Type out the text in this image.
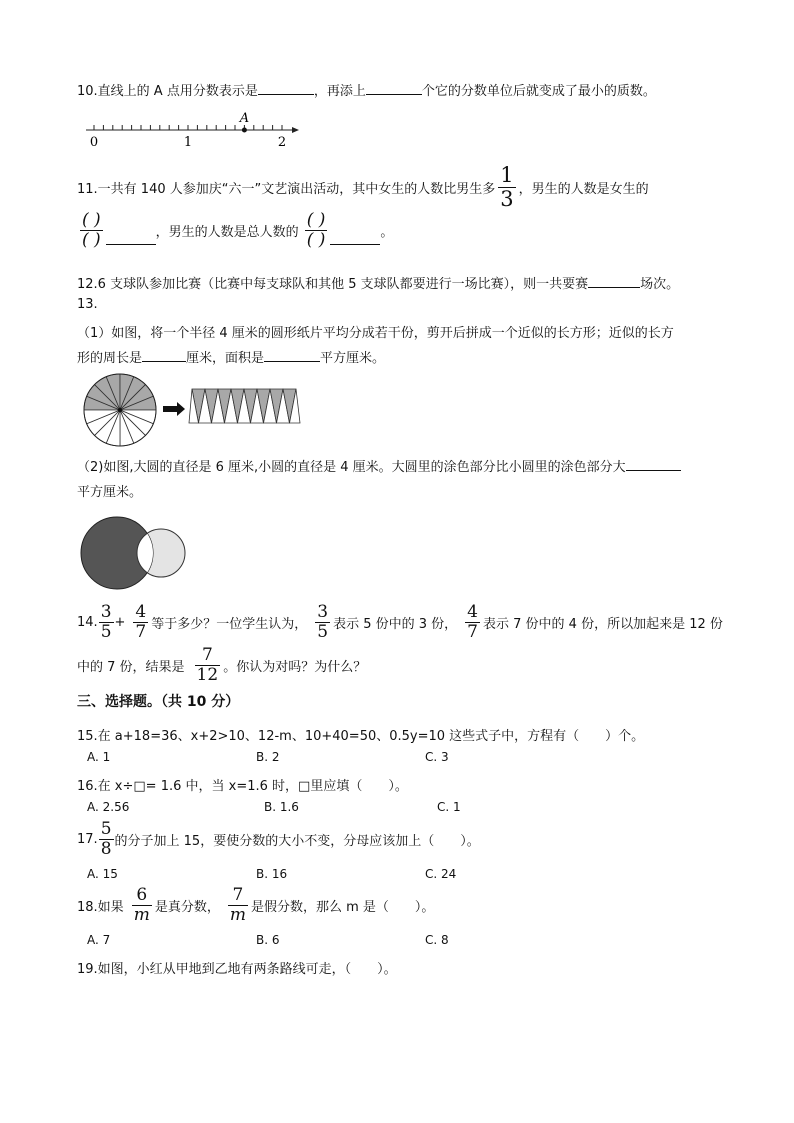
10.直线上的 A 点用分数表示是	，再添上	个它的分数单位后就变成了最小的质数。
0	1	2
A
11.一共有 140 人参加庆“六一”文艺演出活动，其中女生的人数比男生多 $\frac{1}{3}$ ，男生的人数是女生的
$\frac{( )}{( )}$	，男生的人数是总人数的 $\frac{( )}{( )}$	。
12.6 支球队参加比赛（比赛中每支球队和其他 5 支球队都要进行一场比赛），则一共要赛	场次。
13.
（1）如图，将一个半径 4 厘米的圆形纸片平均分成若干份，剪开后拼成一个近似的长方形；近似的长方
形的周长是	厘米，面积是	平方厘米。
（2)如图,大圆的直径是 6 厘米,小圆的直径是 4 厘米。大圆里的涂色部分比小圆里的涂色部分大
平方厘米。
14. $\frac{3}{5} + \frac{4}{7}$ 等于多少？一位学生认为， $\frac{3}{5}$ 表示 5 份中的 3 份， $\frac{4}{7}$ 表示 7 份中的 4 份，所以加起来是 12 份
中的 7 份，结果是 $\frac{7}{12}$ 。你认为对吗？为什么？
三、选择题。（共 10 分）
15.在 a+18=36、x+2>10、12-m、10+40=50、0.5y=10 这些式子中，方程有（　　）个。
A. 1	B. 2	C. 3
16.在 x÷□= 1.6 中，当 x=1.6 时，□里应填（　　）。
A. 2.56	B. 1.6	C. 1
17. $\frac{5}{8}$ 的分子加上 15，要使分数的大小不变，分母应该加上（　　）。
A. 15	B. 16	C. 24
18.如果 $\frac{6}{m}$ 是真分数， $\frac{7}{m}$ 是假分数，那么 m 是（　　）。
A. 7	B. 6	C. 8
19.如图，小红从甲地到乙地有两条路线可走，（　　）。
